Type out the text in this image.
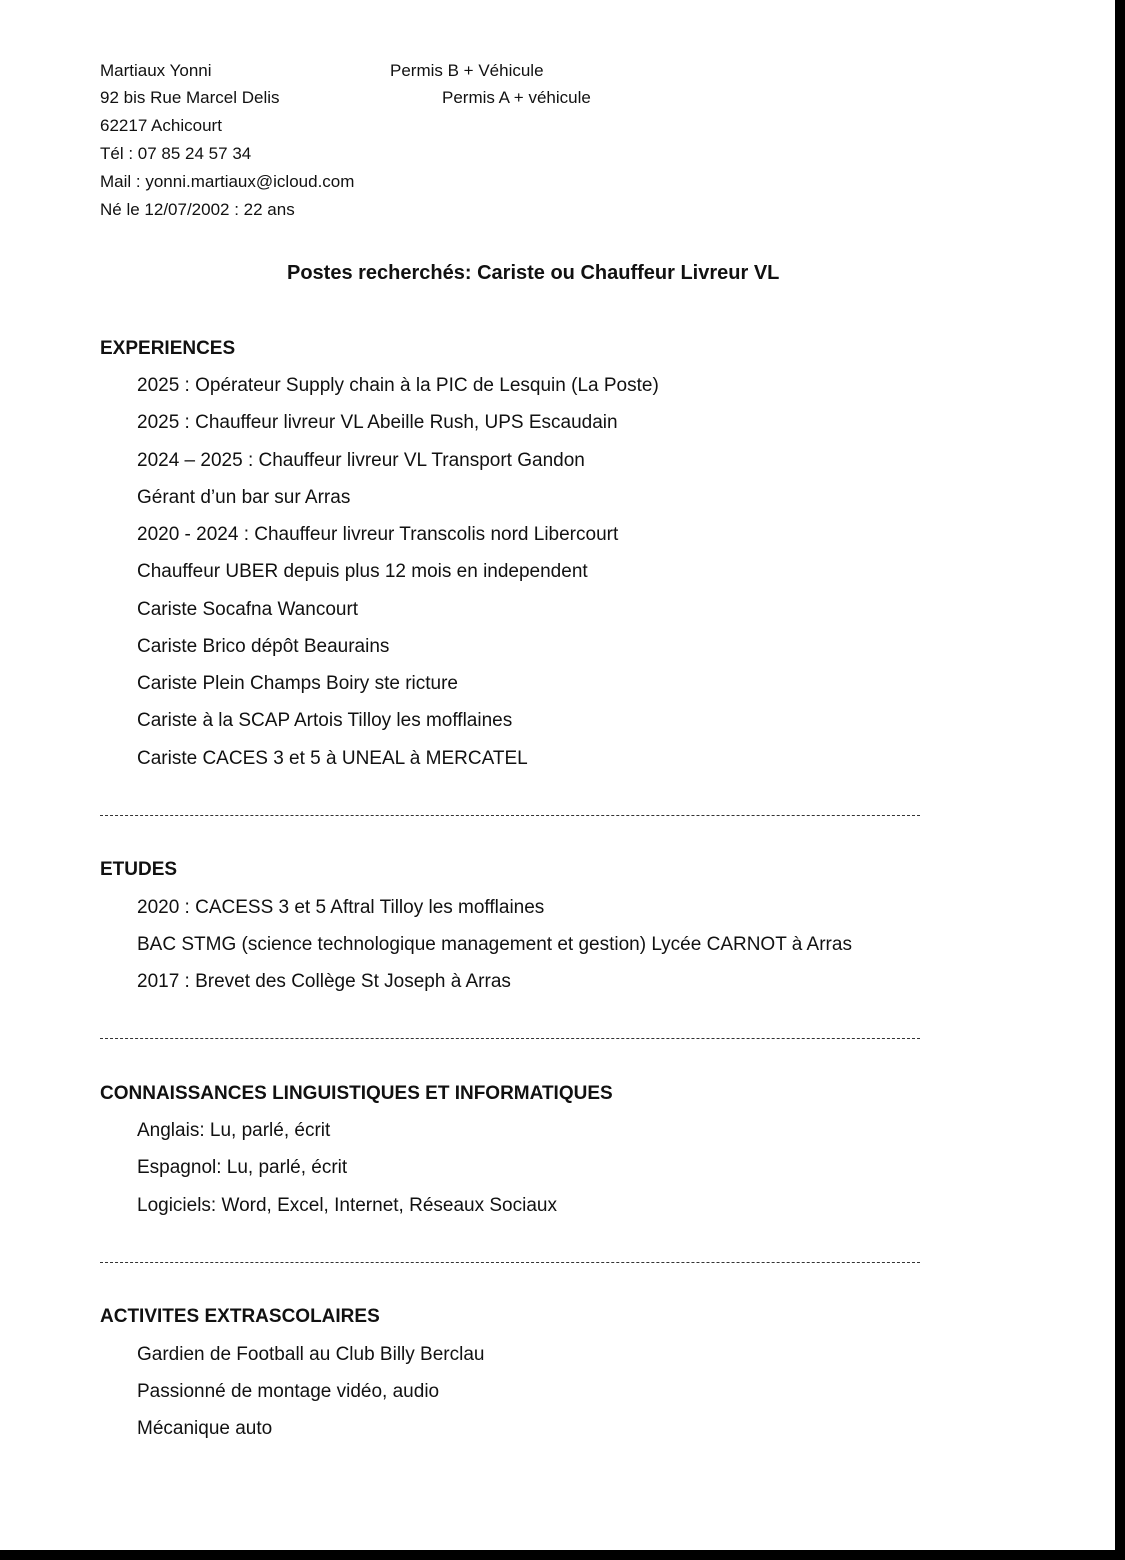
Martiaux Yonni
92 bis Rue Marcel Delis
62217 Achicourt
Tél : 07 85 24 57 34
Mail : yonni.martiaux@icloud.com
Né le 12/07/2002 : 22 ans
Permis B + Véhicule
Permis A + véhicule
Postes recherchés: Cariste ou Chauffeur Livreur VL
EXPERIENCES
2025 : Opérateur Supply chain à la PIC de Lesquin (La Poste)
2025 : Chauffeur livreur VL Abeille Rush, UPS Escaudain
2024 – 2025 : Chauffeur livreur VL Transport Gandon
Gérant d’un bar sur Arras
2020 - 2024 : Chauffeur livreur Transcolis nord Libercourt
Chauffeur UBER depuis plus 12 mois en independent
Cariste Socafna Wancourt
Cariste Brico dépôt Beaurains
Cariste Plein Champs Boiry ste ricture
Cariste à la SCAP Artois Tilloy les mofflaines
Cariste CACES 3 et 5 à UNEAL à MERCATEL
ETUDES
2020 : CACESS 3 et 5 Aftral Tilloy les mofflaines
BAC STMG (science technologique management et gestion) Lycée CARNOT à Arras
2017 : Brevet des Collège St Joseph à Arras
CONNAISSANCES LINGUISTIQUES ET INFORMATIQUES
Anglais: Lu, parlé, écrit
Espagnol: Lu, parlé, écrit
Logiciels: Word, Excel, Internet, Réseaux Sociaux
ACTIVITES EXTRASCOLAIRES
Gardien de Football au Club Billy Berclau
Passionné de montage vidéo, audio
Mécanique auto
